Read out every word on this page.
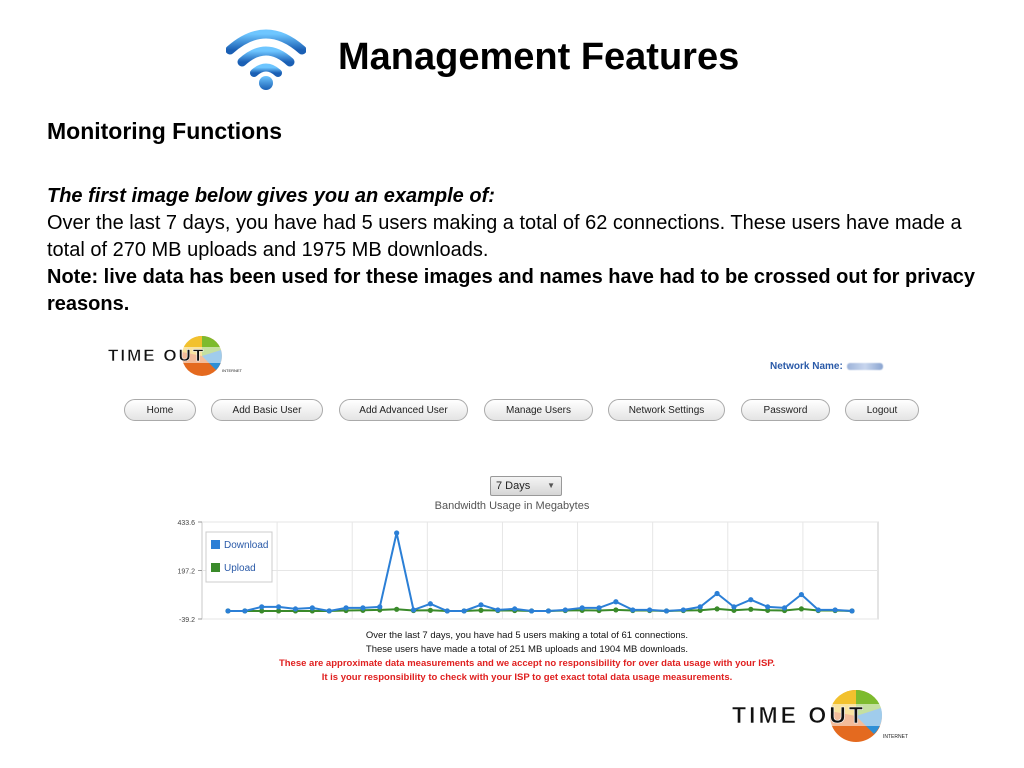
Management Features
Monitoring Functions
The first image below gives you an example of:
Over the last 7 days, you have had 5 users making a total of 62 connections. These users have made a total of 270 MB uploads and 1975 MB downloads.
Note: live data has been used for these images and names have had to be crossed out for privacy reasons.
TIME OUT
INTERNET	Network Name:
Home	Add Basic User	Add Advanced User	Manage Users	Network Settings	Password	Logout
7 Days ▼
Bandwidth Usage in Megabytes
433.6
197.2
-39.2
Download
Upload
Over the last 7 days, you have had 5 users making a total of 61 connections.
These users have made a total of 251 MB uploads and 1904 MB downloads.
These are approximate data measurements and we accept no responsibility for over data usage with your ISP.
It is your responsibility to check with your ISP to get exact total data usage measurements.
TIME OUT
INTERNET
